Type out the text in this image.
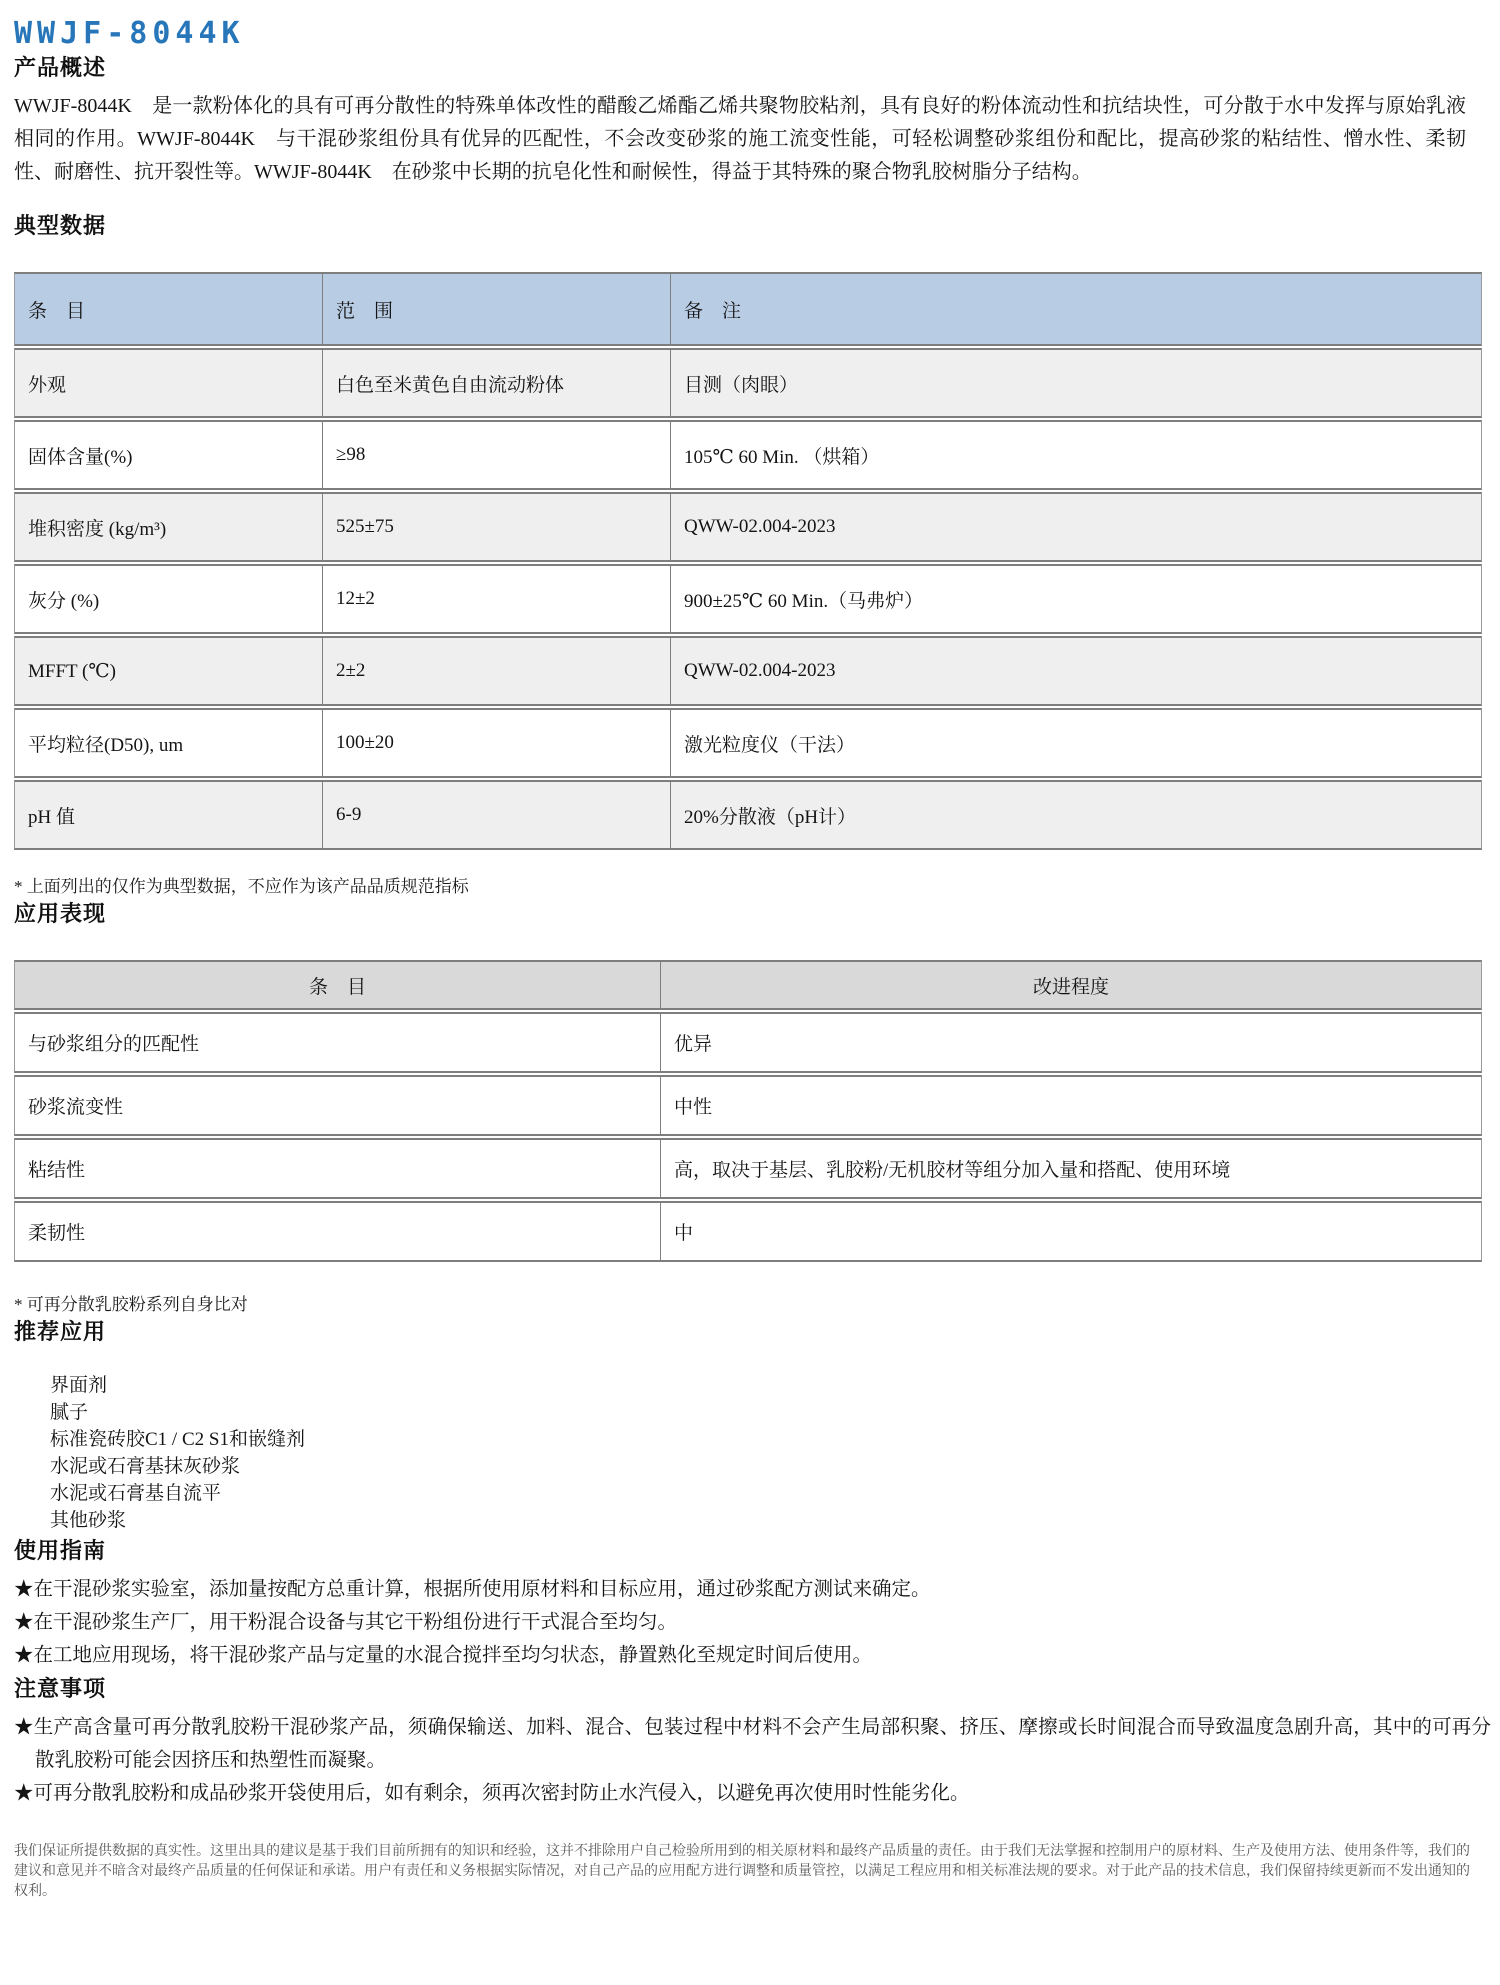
WWJF-8044K
产品概述

WWJF-8044K　是一款粉体化的具有可再分散性的特殊单体改性的醋酸乙烯酯乙烯共聚物胶粘剂，具有良好的粉体流动性和抗结块性，可分散于水中发挥与原始乳液相同的作用。WWJF-8044K　与干混砂浆组份具有优异的匹配性，不会改变砂浆的施工流变性能，可轻松调整砂浆组份和配比，提高砂浆的粘结性、憎水性、柔韧性、耐磨性、抗开裂性等。WWJF-8044K　在砂浆中长期的抗皂化性和耐候性，得益于其特殊的聚合物乳胶树脂分子结构。

典型数据
条　目	范　围	备　注
外观	白色至米黄色自由流动粉体	目测（肉眼）
固体含量(%)	≥98	105℃ 60 Min. （烘箱）
堆积密度 (kg/m³)	525±75	QWW-02.004-2023
灰分 (%)	12±2	900±25℃ 60 Min.（马弗炉）
MFFT (℃)	2±2	QWW-02.004-2023
平均粒径(D50), um	100±20	激光粒度仪（干法）
pH 值	6-9	20%分散液（pH计）
* 上面列出的仅作为典型数据，不应作为该产品品质规范指标
应用表现
条　目	改进程度
与砂浆组分的匹配性	优异
砂浆流变性	中性
粘结性	高，取决于基层、乳胶粉/无机胶材等组分加入量和搭配、使用环境
柔韧性	中
* 可再分散乳胶粉系列自身比对
推荐应用
界面剂
腻子
标准瓷砖胶C1 / C2 S1和嵌缝剂
水泥或石膏基抹灰砂浆
水泥或石膏基自流平
其他砂浆
使用指南
★在干混砂浆实验室，添加量按配方总重计算，根据所使用原材料和目标应用，通过砂浆配方测试来确定。
★在干混砂浆生产厂，用干粉混合设备与其它干粉组份进行干式混合至均匀。
★在工地应用现场，将干混砂浆产品与定量的水混合搅拌至均匀状态，静置熟化至规定时间后使用。
注意事项
★生产高含量可再分散乳胶粉干混砂浆产品，须确保输送、加料、混合、包装过程中材料不会产生局部积聚、挤压、摩擦或长时间混合而导致温度急剧升高，其中的可再分散乳胶粉可能会因挤压和热塑性而凝聚。
★可再分散乳胶粉和成品砂浆开袋使用后，如有剩余，须再次密封防止水汽侵入，以避免再次使用时性能劣化。
我们保证所提供数据的真实性。这里出具的建议是基于我们目前所拥有的知识和经验，这并不排除用户自己检验所用到的相关原材料和最终产品质量的责任。由于我们无法掌握和控制用户的原材料、生产及使用方法、使用条件等，我们的建议和意见并不暗含对最终产品质量的任何保证和承诺。用户有责任和义务根据实际情况，对自己产品的应用配方进行调整和质量管控，以满足工程应用和相关标准法规的要求。对于此产品的技术信息，我们保留持续更新而不发出通知的权利。
